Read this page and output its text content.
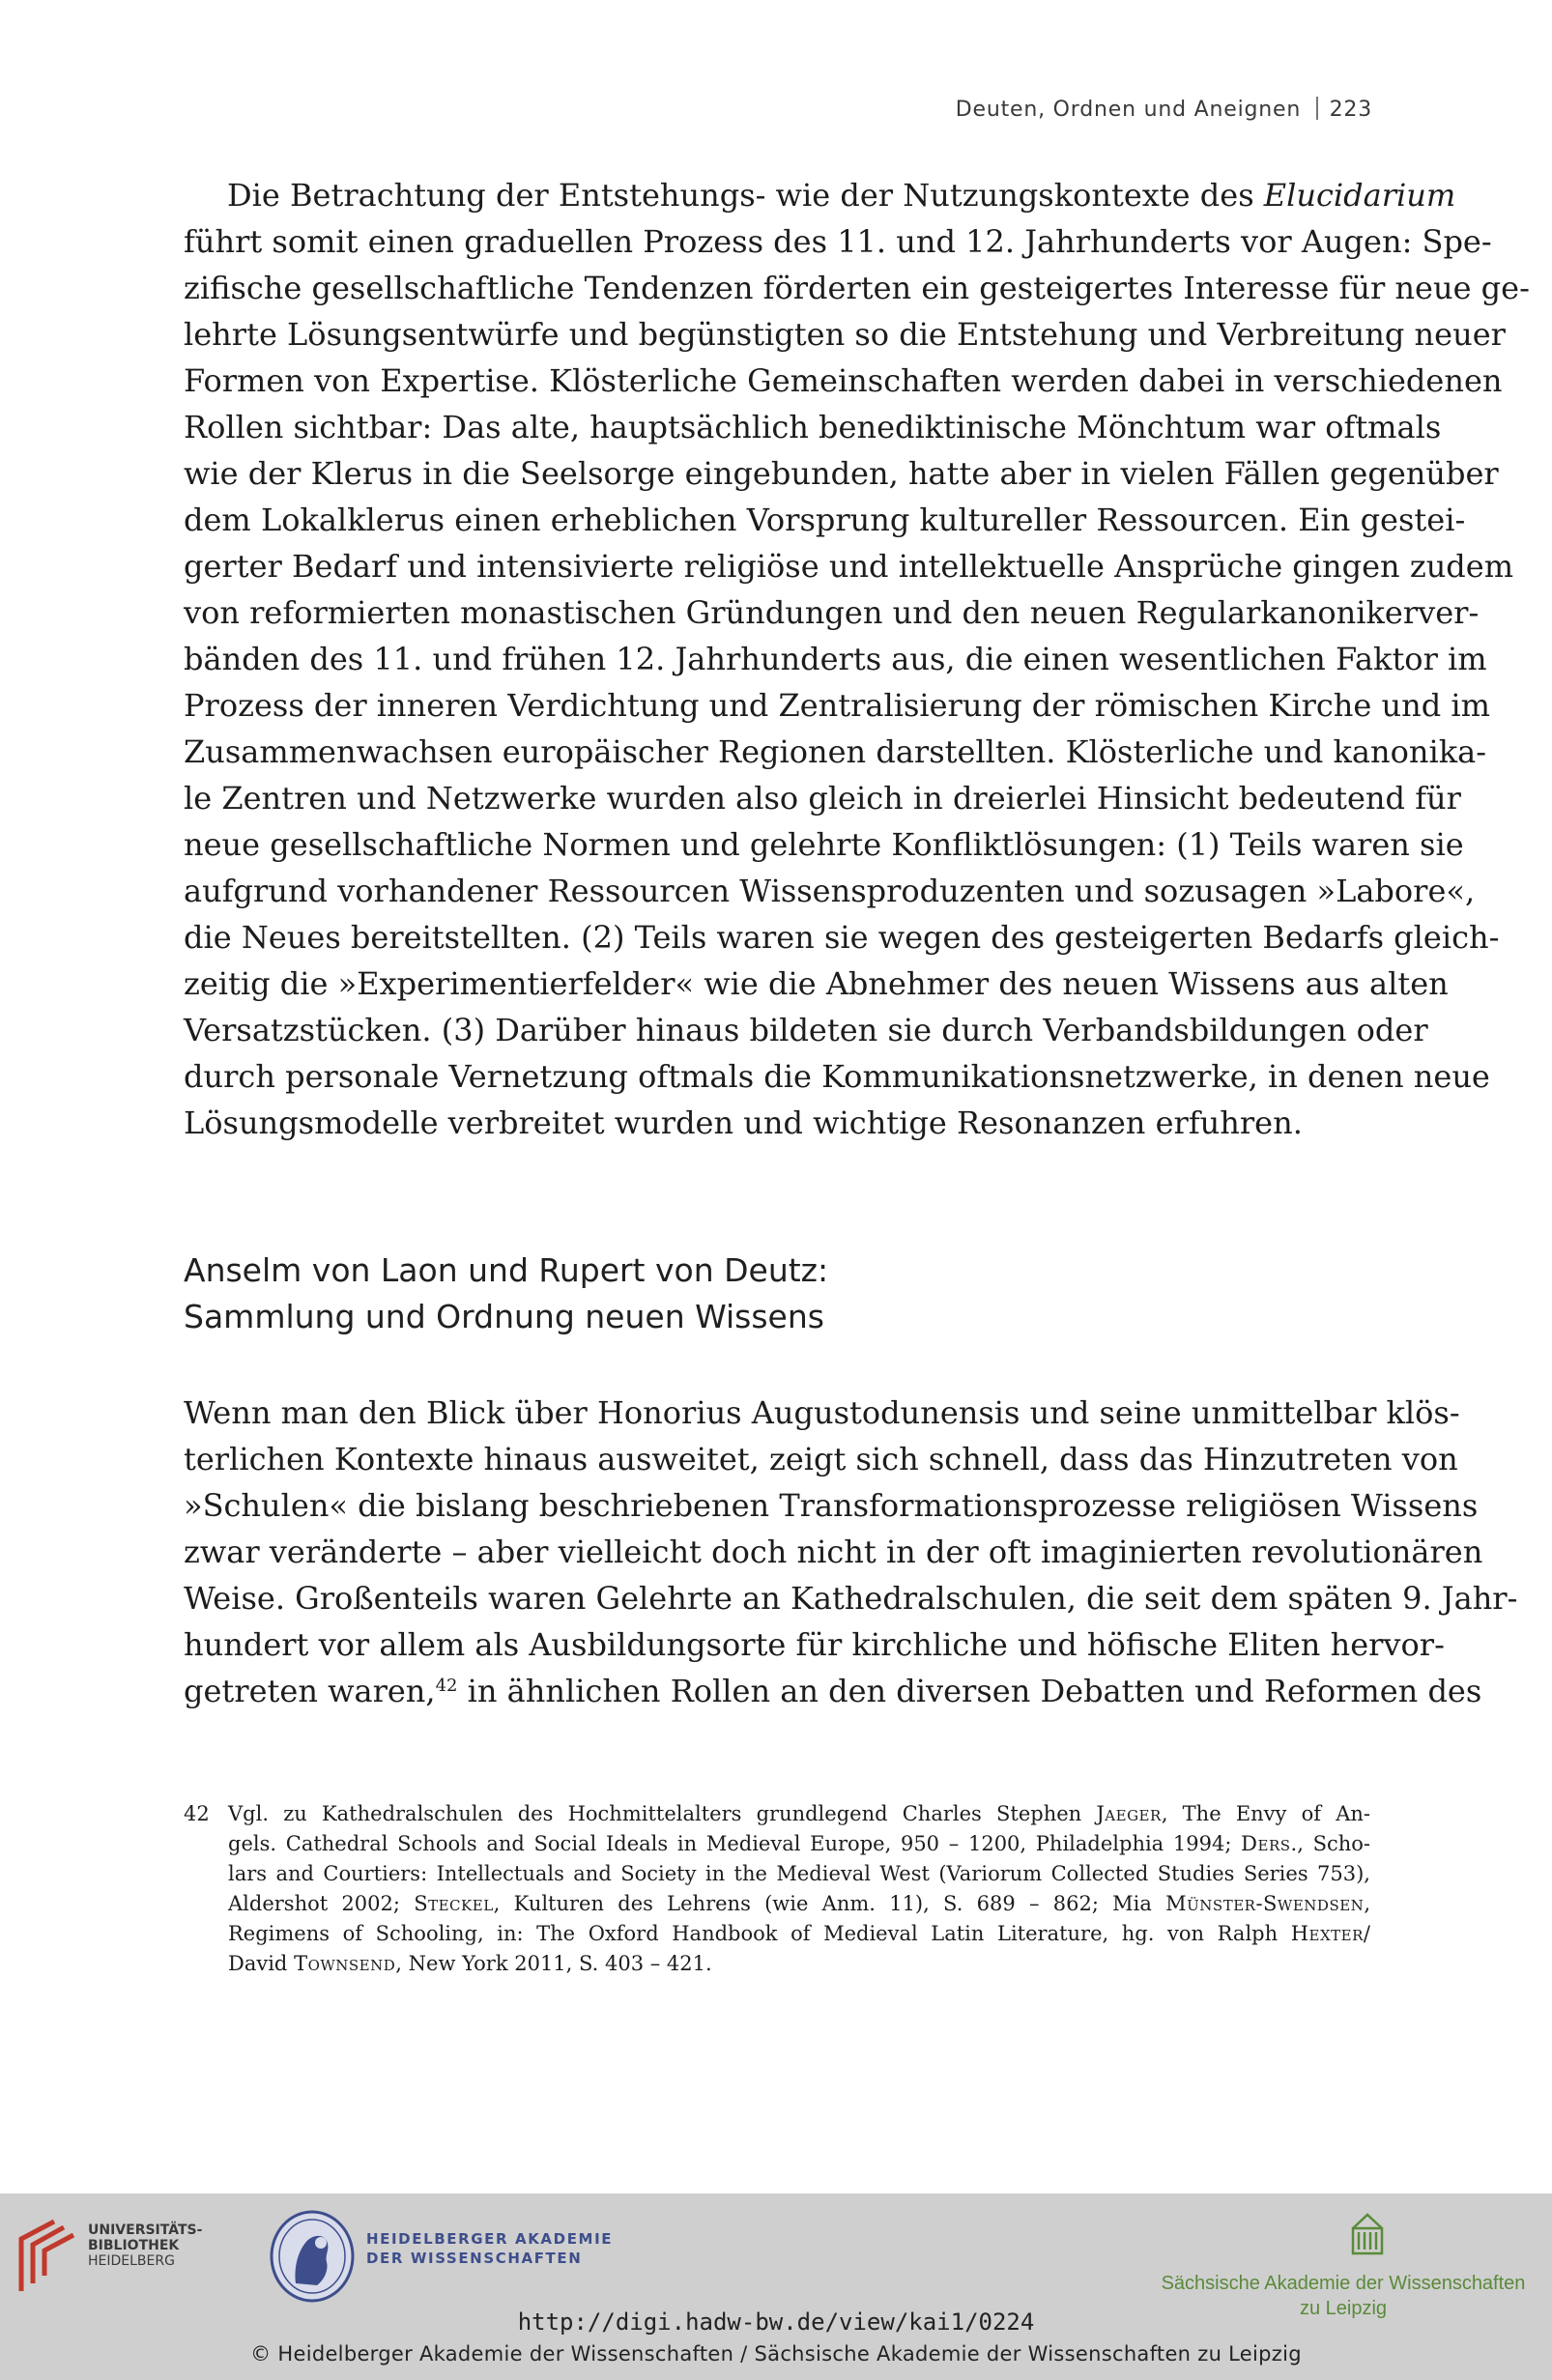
Deuten, Ordnen und Aneignen 223
Die Betrachtung der Entstehungs- wie der Nutzungskontexte des Elucidarium
führt somit einen graduellen Prozess des 11. und 12. Jahrhunderts vor Augen: Spe-
zifische gesellschaftliche Tendenzen förderten ein gesteigertes Interesse für neue ge-
lehrte Lösungsentwürfe und begünstigten so die Entstehung und Verbreitung neuer
Formen von Expertise. Klösterliche Gemeinschaften werden dabei in verschiedenen
Rollen sichtbar: Das alte, hauptsächlich benediktinische Mönchtum war oftmals
wie der Klerus in die Seelsorge eingebunden, hatte aber in vielen Fällen gegenüber
dem Lokalklerus einen erheblichen Vorsprung kultureller Ressourcen. Ein gestei-
gerter Bedarf und intensivierte religiöse und intellektuelle Ansprüche gingen zudem
von reformierten monastischen Gründungen und den neuen Regularkanonikerver-
bänden des 11. und frühen 12. Jahrhunderts aus, die einen wesentlichen Faktor im
Prozess der inneren Verdichtung und Zentralisierung der römischen Kirche und im
Zusammenwachsen europäischer Regionen darstellten. Klösterliche und kanonika-
le Zentren und Netzwerke wurden also gleich in dreierlei Hinsicht bedeutend für
neue gesellschaftliche Normen und gelehrte Konfliktlösungen: (1) Teils waren sie
aufgrund vorhandener Ressourcen Wissensproduzenten und sozusagen »Labore«,
die Neues bereitstellten. (2) Teils waren sie wegen des gesteigerten Bedarfs gleich-
zeitig die »Experimentierfelder« wie die Abnehmer des neuen Wissens aus alten
Versatzstücken. (3) Darüber hinaus bildeten sie durch Verbandsbildungen oder
durch personale Vernetzung oftmals die Kommunikationsnetzwerke, in denen neue
Lösungsmodelle verbreitet wurden und wichtige Resonanzen erfuhren.
Anselm von Laon und Rupert von Deutz:
Sammlung und Ordnung neuen Wissens
Wenn man den Blick über Honorius Augustodunensis und seine unmittelbar klös-
terlichen Kontexte hinaus ausweitet, zeigt sich schnell, dass das Hinzutreten von
»Schulen« die bislang beschriebenen Transformationsprozesse religiösen Wissens
zwar veränderte – aber vielleicht doch nicht in der oft imaginierten revolutionären
Weise. Großenteils waren Gelehrte an Kathedralschulen, die seit dem späten 9. Jahr-
hundert vor allem als Ausbildungsorte für kirchliche und höfische Eliten hervor-
getreten waren,$^{42}$ in ähnlichen Rollen an den diversen Debatten und Reformen des
42 Vgl. zu Kathedralschulen des Hochmittelalters grundlegend Charles Stephen Jaeger, The Envy of An-
gels. Cathedral Schools and Social Ideals in Medieval Europe, 950 – 1200, Philadelphia 1994; Ders., Scho-
lars and Courtiers: Intellectuals and Society in the Medieval West (Variorum Collected Studies Series 753),
Aldershot 2002; Steckel, Kulturen des Lehrens (wie Anm. 11), S. 689 – 862; Mia Münster-Swendsen,
Regimens of Schooling, in: The Oxford Handbook of Medieval Latin Literature, hg. von Ralph Hexter/
David Townsend, New York 2011, S. 403 – 421.
UNIVERSITÄTS-
BIBLIOTHEK
HEIDELBERG
HEIDELBERGER AKADEMIE
DER WISSENSCHAFTEN
Sächsische Akademie der Wissenschaften
zu Leipzig
http://digi.hadw-bw.de/view/kai1/0224
© Heidelberger Akademie der Wissenschaften / Sächsische Akademie der Wissenschaften zu Leipzig
